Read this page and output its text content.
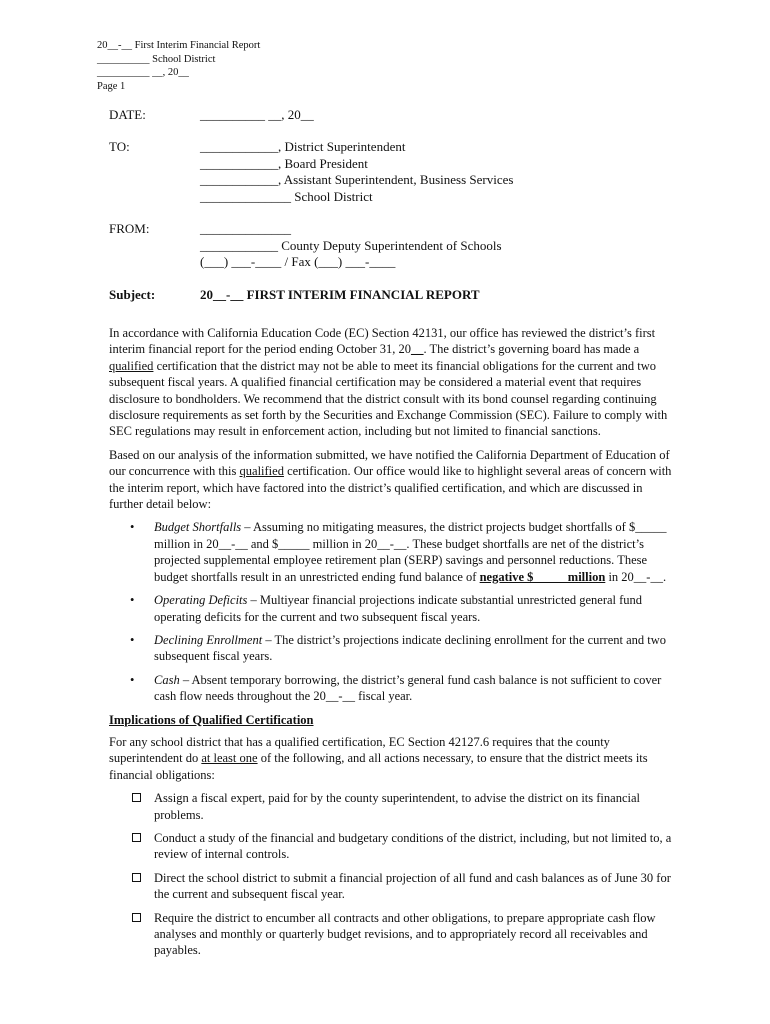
20__-__ First Interim Financial Report
__________ School District
__________ __, 20__
Page 1
DATE:	__________ __, 20__
TO:	____________, District Superintendent
____________, Board President
____________, Assistant Superintendent, Business Services
______________ School District
FROM:	______________
____________ County Deputy Superintendent of Schools
(___) ___-____ / Fax (___) ___-____
Subject:	20__-__ FIRST INTERIM FINANCIAL REPORT

In accordance with California Education Code (EC) Section 42131, our office has reviewed the district’s first interim financial report for the period ending October 31, 20__. The district’s governing board has made a qualified certification that the district may not be able to meet its financial obligations for the current and two subsequent fiscal years. A qualified financial certification may be considered a material event that requires disclosure to bondholders. We recommend that the district consult with its bond counsel regarding continuing disclosure requirements as set forth by the Securities and Exchange Commission (SEC). Failure to comply with SEC regulations may result in enforcement action, including but not limited to financial sanctions.

Based on our analysis of the information submitted, we have notified the California Department of Education of our concurrence with this qualified certification. Our office would like to highlight several areas of concern with the interim report, which have factored into the district’s qualified certification, and which are discussed in further detail below:

• Budget Shortfalls – Assuming no mitigating measures, the district projects budget shortfalls of $_____ million in 20__-__ and $_____ million in 20__-__. These budget shortfalls are net of the district’s projected supplemental employee retirement plan (SERP) savings and personnel reductions. These budget shortfalls result in an unrestricted ending fund balance of negative $_____ million in 20__-__.
• Operating Deficits – Multiyear financial projections indicate substantial unrestricted general fund operating deficits for the current and two subsequent fiscal years.
• Declining Enrollment – The district’s projections indicate declining enrollment for the current and two subsequent fiscal years.
• Cash – Absent temporary borrowing, the district’s general fund cash balance is not sufficient to cover cash flow needs throughout the 20__-__ fiscal year.
Implications of Qualified Certification

For any school district that has a qualified certification, EC Section 42127.6 requires that the county superintendent do at least one of the following, and all actions necessary, to ensure that the district meets its financial obligations:

Assign a fiscal expert, paid for by the county superintendent, to advise the district on its financial problems.
Conduct a study of the financial and budgetary conditions of the district, including, but not limited to, a review of internal controls.
Direct the school district to submit a financial projection of all fund and cash balances as of June 30 for the current and subsequent fiscal year.
Require the district to encumber all contracts and other obligations, to prepare appropriate cash flow analyses and monthly or quarterly budget revisions, and to appropriately record all receivables and payables.
